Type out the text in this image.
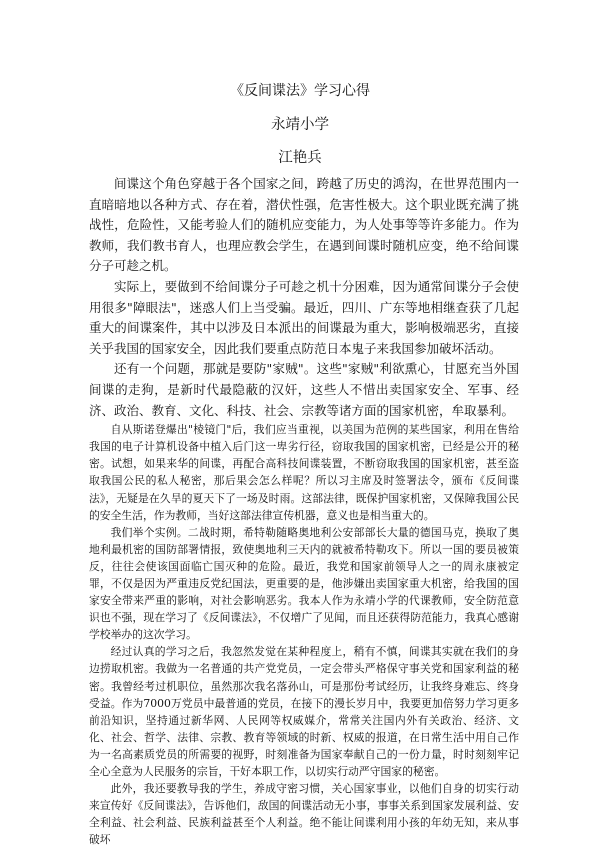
《反间谍法》学习心得
永靖小学
江艳兵

间谍这个角色穿越于各个国家之间，跨越了历史的鸿沟，在世界范围内一直暗暗地以各种方式、存在着，潜伏性强，危害性极大。这个职业既充满了挑战性，危险性，又能考验人们的随机应变能力，为人处事等等许多能力。作为教师，我们教书育人，也理应教会学生，在遇到间谍时随机应变，绝不给间谍分子可趁之机。

实际上，要做到不给间谍分子可趁之机十分困难，因为通常间谍分子会使用很多"障眼法"，迷惑人们上当受骗。最近，四川、广东等地相继查获了几起重大的间谍案件，其中以涉及日本派出的间谍最为重大，影响极端恶劣，直接关乎我国的国家安全，因此我们要重点防范日本鬼子来我国参加破坏活动。

还有一个问题，那就是要防"家贼"。这些"家贼"利欲熏心，甘愿充当外国间谍的走狗，是新时代最隐蔽的汉奸，这些人不惜出卖国家安全、军事、经济、政治、教育、文化、科技、社会、宗教等诸方面的国家机密，牟取暴利。

自从斯诺登爆出"棱镜门"后，我们应当重视，以美国为范例的某些国家，利用在售给我国的电子计算机设备中植入后门这一卑劣行径，窃取我国的国家机密，已经是公开的秘密。试想，如果来华的间谍，再配合高科技间谍装置，不断窃取我国的国家机密，甚至盗取我国公民的私人秘密，那后果会怎么样呢？所以习主席及时签署法令，颁布《反间谍法》，无疑是在久旱的夏天下了一场及时雨。这部法律，既保护国家机密，又保障我国公民的安全生活，作为教师，当好这部法律宣传机器，意义也是相当重大的。

我们举个实例。二战时期，希特勒随略奥地利公安部部长大量的德国马克，换取了奥地利最机密的国防部署情报，致使奥地利三天内的就被希特勒攻下。所以一国的要员被策反，往往会使该国面临亡国灭种的危险。最近，我党和国家前领导人之一的周永康被定罪，不仅是因为严重违反党纪国法，更重要的是，他涉嫌出卖国家重大机密，给我国的国家安全带来严重的影响，对社会影响恶劣。我本人作为永靖小学的代课教师，安全防范意识也不强，现在学习了《反间谍法》，不仅增广了见闻，而且还获得防范能力，我真心感谢学校举办的这次学习。

经过认真的学习之后，我忽然发觉在某种程度上，稍有不慎，间谍其实就在我们的身边捞取机密。我做为一名普通的共产党党员，一定会带头严格保守事关党和国家利益的秘密。我曾经考过机职位，虽然那次我名落孙山，可是那份考试经历，让我终身难忘、终身受益。作为7000万党员中最普通的党员，在接下的漫长岁月中，我要更加倍努力学习更多前沿知识，坚持通过新华网、人民网等权威媒介，常常关注国内外有关政治、经济、文化、社会、哲学、法律、宗教、教育等领域的时新、权威的报道，在日常生活中用自己作为一名高素质党员的所需要的视野，时刻准备为国家奉献自己的一份力量，时时刻刻牢记全心全意为人民服务的宗旨，干好本职工作，以切实行动严守国家的秘密。

此外，我还要教导我的学生，养成守密习惯，关心国家事业，以他们自身的切实行动来宣传好《反间谍法》，告诉他们，敌国的间谍活动无小事，事事关系到国家发展利益、安全利益、社会利益、民族利益甚至个人利益。绝不能让间谍利用小孩的年幼无知，来从事破坏
